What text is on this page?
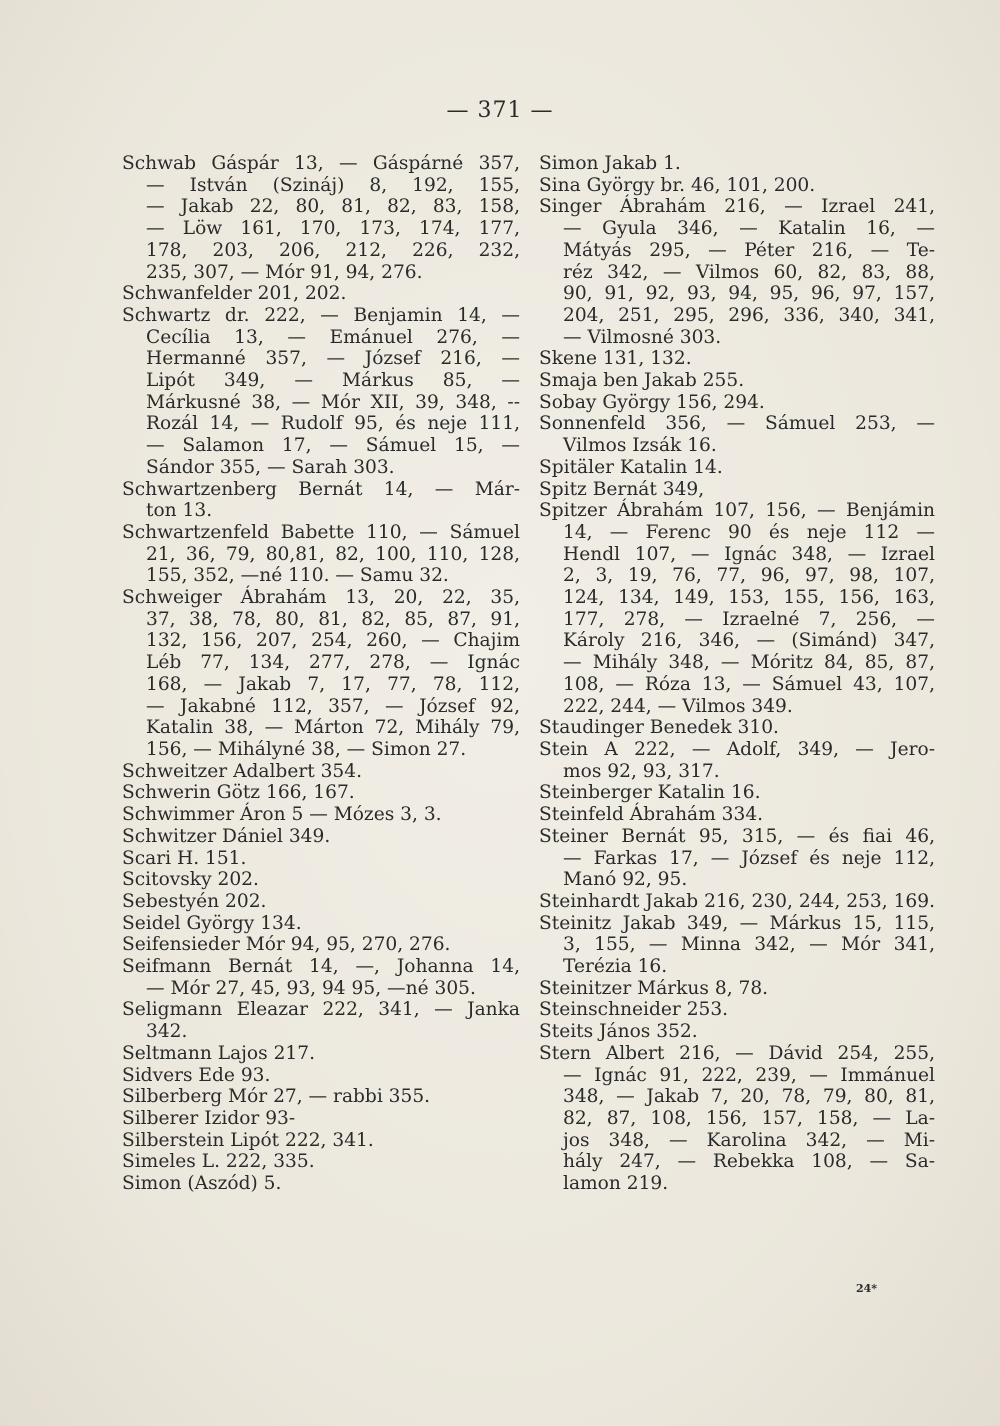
— 371 —
Schwab Gáspár 13, — Gáspárné 357,
— István (Szináj) 8, 192, 155,
— Jakab 22, 80, 81, 82, 83, 158,
— Löw 161, 170, 173, 174, 177,
178, 203, 206, 212, 226, 232,
235, 307, — Mór 91, 94, 276.
Schwanfelder 201, 202.
Schwartz dr. 222, — Benjamin 14, —
Cecília 13, — Emánuel 276, —
Hermanné 357, — József 216, —
Lipót 349, — Márkus 85, —
Márkusné 38, — Mór XII, 39, 348, --
Rozál 14, — Rudolf 95, és neje 111,
— Salamon 17, — Sámuel 15, —
Sándor 355, — Sarah 303.
Schwartzenberg Bernát 14, — Már-
ton 13.
Schwartzenfeld Babette 110, — Sámuel
21, 36, 79, 80,81, 82, 100, 110, 128,
155, 352, —né 110. — Samu 32.
Schweiger Ábrahám 13, 20, 22, 35,
37, 38, 78, 80, 81, 82, 85, 87, 91,
132, 156, 207, 254, 260, — Chajim
Léb 77, 134, 277, 278, — Ignác
168, — Jakab 7, 17, 77, 78, 112,
— Jakabné 112, 357, — József 92,
Katalin 38, — Márton 72, Mihály 79,
156, — Mihályné 38, — Simon 27.
Schweitzer Adalbert 354.
Schwerin Götz 166, 167.
Schwimmer Áron 5 — Mózes 3, 3.
Schwitzer Dániel 349.
Scari H. 151.
Scitovsky 202.
Sebestyén 202.
Seidel György 134.
Seifensieder Mór 94, 95, 270, 276.
Seifmann Bernát 14, —, Johanna 14,
— Mór 27, 45, 93, 94 95, —né 305.
Seligmann Eleazar 222, 341, — Janka
342.
Seltmann Lajos 217.
Sidvers Ede 93.
Silberberg Mór 27, — rabbi 355.
Silberer Izidor 93-
Silberstein Lipót 222, 341.
Simeles L. 222, 335.
Simon (Aszód) 5.
Simon Jakab 1.
Sina György br. 46, 101, 200.
Singer Ábrahám 216, — Izrael 241,
— Gyula 346, — Katalin 16, —
Mátyás 295, — Péter 216, — Te-
réz 342, — Vilmos 60, 82, 83, 88,
90, 91, 92, 93, 94, 95, 96, 97, 157,
204, 251, 295, 296, 336, 340, 341,
— Vilmosné 303.
Skene 131, 132.
Smaja ben Jakab 255.
Sobay György 156, 294.
Sonnenfeld 356, — Sámuel 253, —
Vilmos Izsák 16.
Spitäler Katalin 14.
Spitz Bernát 349,
Spitzer Ábrahám 107, 156, — Benjámin
14, — Ferenc 90 és neje 112 —
Hendl 107, — Ignác 348, — Izrael
2, 3, 19, 76, 77, 96, 97, 98, 107,
124, 134, 149, 153, 155, 156, 163,
177, 278, — Izraelné 7, 256, —
Károly 216, 346, — (Simánd) 347,
— Mihály 348, — Móritz 84, 85, 87,
108, — Róza 13, — Sámuel 43, 107,
222, 244, — Vilmos 349.
Staudinger Benedek 310.
Stein A 222, — Adolf, 349, — Jero-
mos 92, 93, 317.
Steinberger Katalin 16.
Steinfeld Ábrahám 334.
Steiner Bernát 95, 315, — és fiai 46,
— Farkas 17, — József és neje 112,
Manó 92, 95.
Steinhardt Jakab 216, 230, 244, 253, 169.
Steinitz Jakab 349, — Márkus 15, 115,
3, 155, — Minna 342, — Mór 341,
Terézia 16.
Steinitzer Márkus 8, 78.
Steinschneider 253.
Steits János 352.
Stern Albert 216, — Dávid 254, 255,
— Ignác 91, 222, 239, — Immánuel
348, — Jakab 7, 20, 78, 79, 80, 81,
82, 87, 108, 156, 157, 158, — La-
jos 348, — Karolina 342, — Mi-
hály 247, — Rebekka 108, — Sa-
lamon 219.
24*
